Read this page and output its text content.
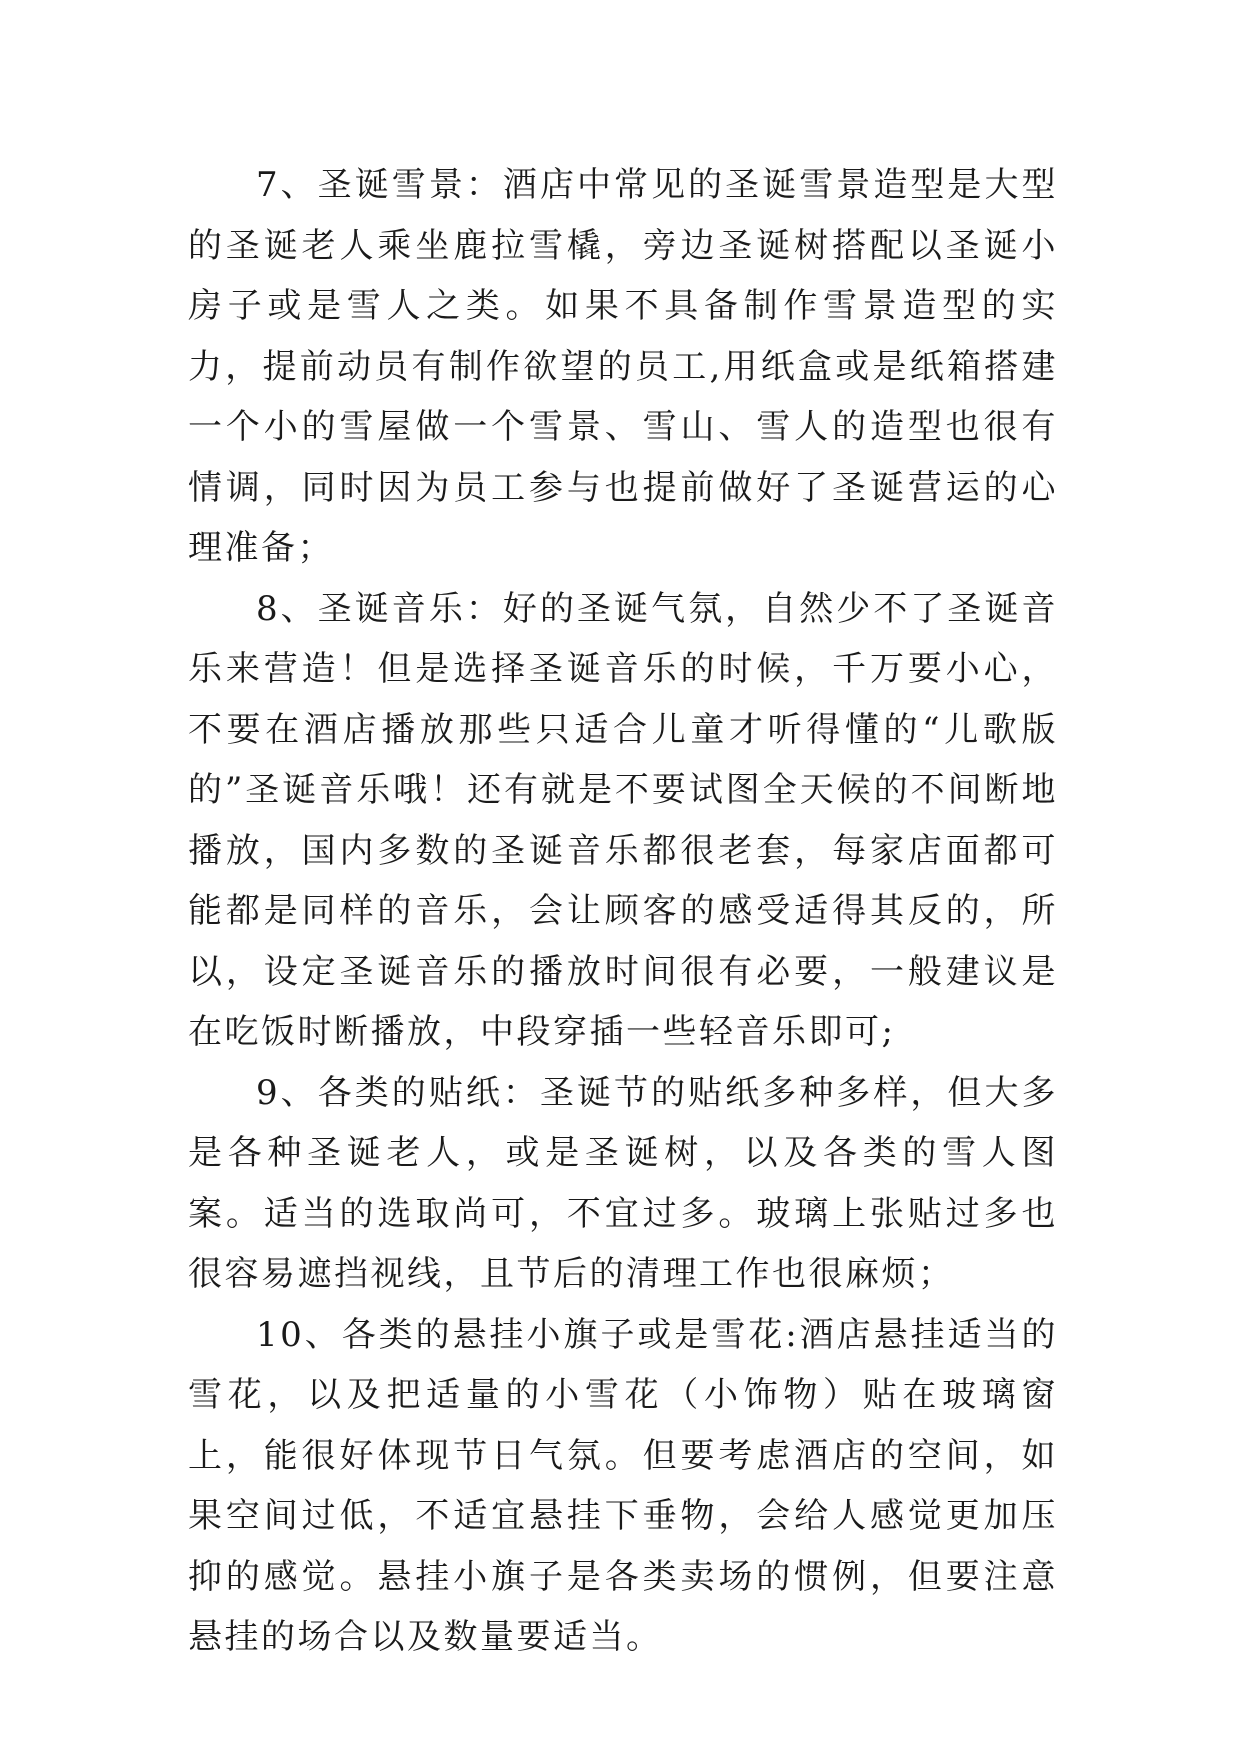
7、圣诞雪景：酒店中常见的圣诞雪景造型是大型的圣诞老人乘坐鹿拉雪橇，旁边圣诞树搭配以圣诞小房子或是雪人之类。如果不具备制作雪景造型的实力，提前动员有制作欲望的员工,用纸盒或是纸箱搭建一个小的雪屋做一个雪景、雪山、雪人的造型也很有情调，同时因为员工参与也提前做好了圣诞营运的心理准备；

8、圣诞音乐：好的圣诞气氛，自然少不了圣诞音乐来营造！但是选择圣诞音乐的时候，千万要小心，不要在酒店播放那些只适合儿童才听得懂的“儿歌版的”圣诞音乐哦！还有就是不要试图全天候的不间断地播放，国内多数的圣诞音乐都很老套，每家店面都可能都是同样的音乐，会让顾客的感受适得其反的，所以，设定圣诞音乐的播放时间很有必要，一般建议是在吃饭时断播放，中段穿插一些轻音乐即可;

9、各类的贴纸：圣诞节的贴纸多种多样，但大多是各种圣诞老人，或是圣诞树，以及各类的雪人图案。适当的选取尚可，不宜过多。玻璃上张贴过多也很容易遮挡视线，且节后的清理工作也很麻烦；

10、各类的悬挂小旗子或是雪花:酒店悬挂适当的雪花，以及把适量的小雪花（小饰物）贴在玻璃窗上，能很好体现节日气氛。但要考虑酒店的空间，如果空间过低，不适宜悬挂下垂物，会给人感觉更加压抑的感觉。悬挂小旗子是各类卖场的惯例，但要注意悬挂的场合以及数量要适当。
